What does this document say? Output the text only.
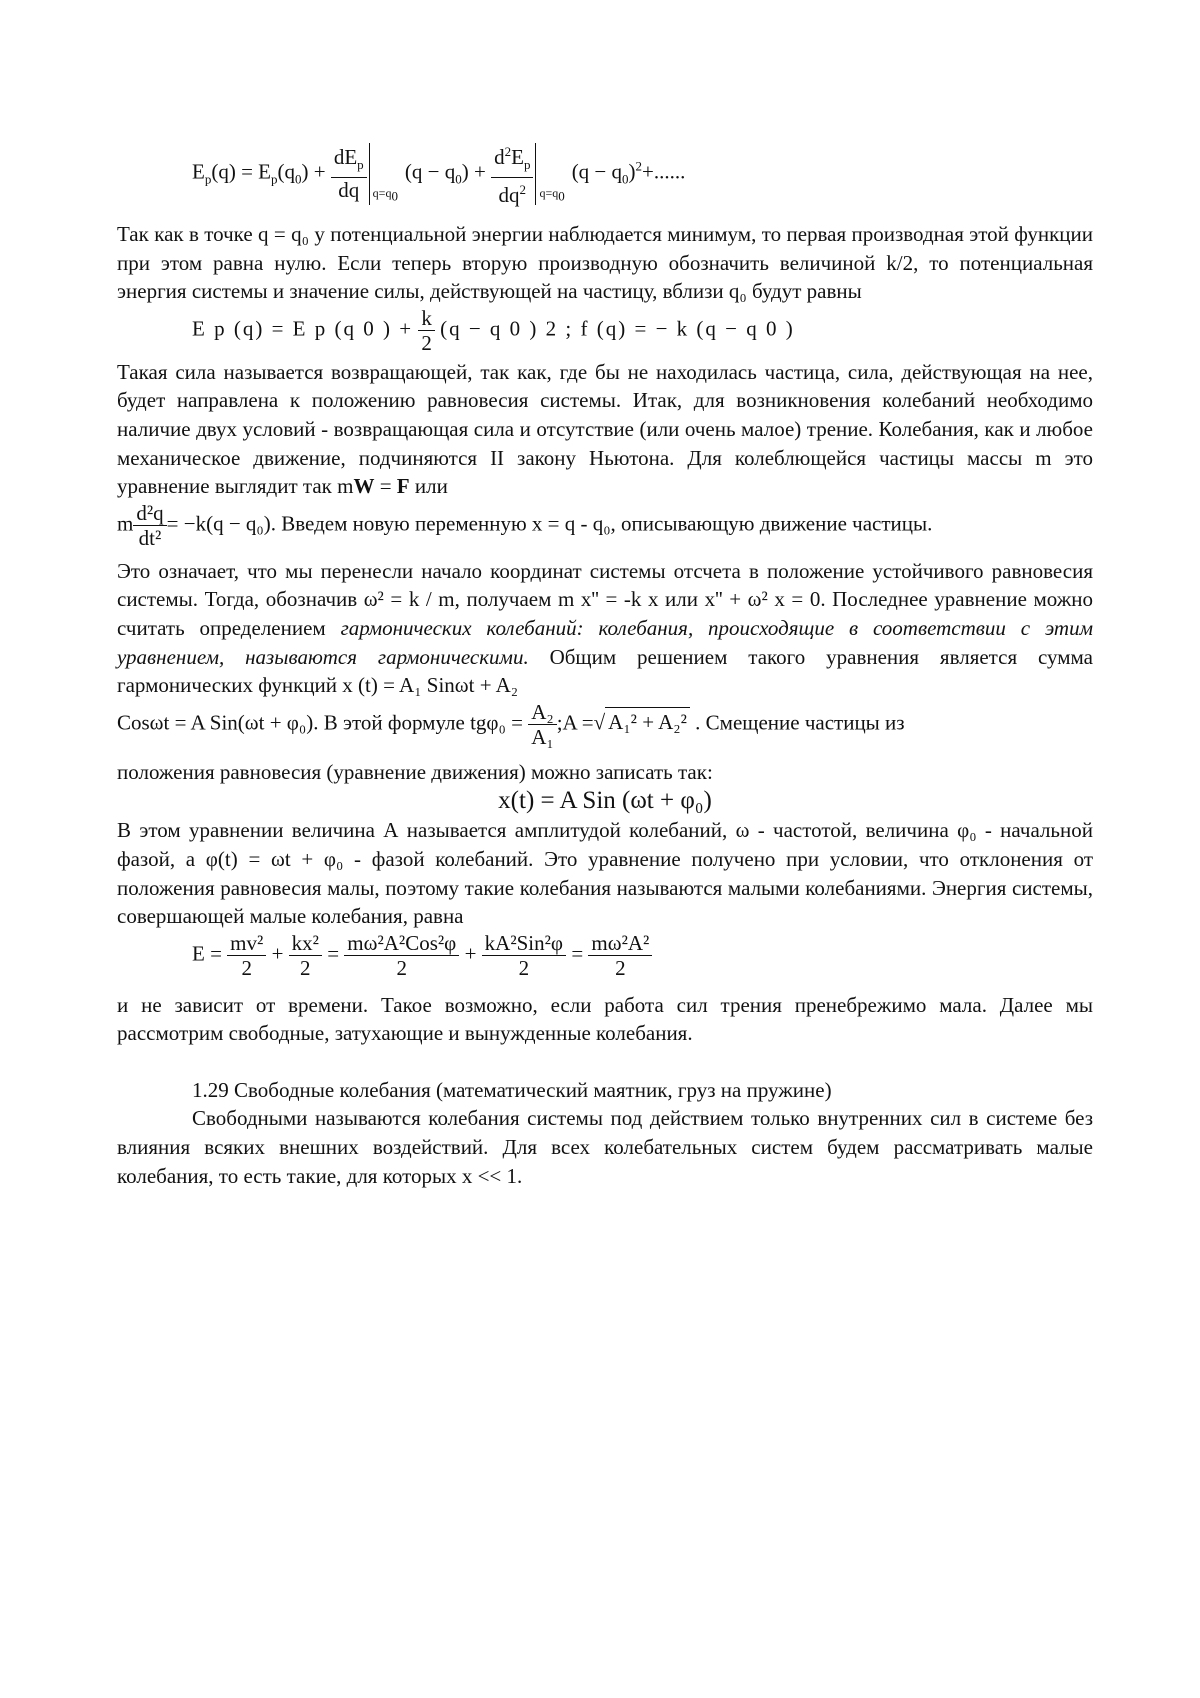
$E_p(q) = E_p(q_0) + \frac{dE_p}{dq} q=q_0$
$(q - q_0) + \frac{d^2E_p}{dq^2} q=q_0$
$(q - q_0)^2+$......

Так как в точке q = q₀ у потенциальной энергии наблюдается минимум, то первая производная этой функции при этом равна нулю. Если теперь вторую производную обозначить величиной k/2, то потенциальная энергия системы и значение силы, действующей на частицу, вблизи q₀ будут равны

E p (q) = E p (q 0 ) + $\frac{k}{2} (q - q$ 0 ) 2 ; f (q) = − k (q − q 0 )

Такая сила называется возвращающей, так как, где бы не находилась частица, сила, действующая на нее, будет направлена к положению равновесия системы. Итак, для возникновения колебаний необходимо наличие двух условий - возвращающая сила и отсутствие (или очень малое) трение. Колебания, как и любое механическое движение, подчиняются II закону Ньютона. Для колеблющейся частицы массы m это уравнение выглядит так mW = F или

m $\frac{\text{d²q}}{\text{dt²}} = -k(q - q_0)$. Введем новую переменную x = q - q₀, описывающую движение частицы.

Это означает, что мы перенесли начало координат системы отсчета в положение устойчивого равновесия системы. Тогда, обозначив ω² = k / m, получаем m x'' = -k x или x'' + ω² x = 0. Последнее уравнение можно считать определением гармонических колебаний: колебания, происходящие в соответствии с этим уравнением, называются гармоническими. Общим решением такого уравнения является сумма гармонических функций x (t) = A₁ Sinωt + A₂

Cosωt = A Sin(ωt + φ₀). В этой формуле $tg\varphi_0 = \frac{\text{A₂}}{\text{A₁}}$ ;A =√ A₁² + A₂² . Смещение частицы из

положения равновесия (уравнение движения) можно записать так:

x(t) = A Sin (ωt + φ₀)

В этом уравнении величина А называется амплитудой колебаний, ω - частотой, величина φ₀ - начальной фазой, а φ(t) = ωt + φ₀ - фазой колебаний. Это уравнение получено при условии, что отклонения от положения равновесия малы, поэтому такие колебания называются малыми колебаниями. Энергия системы, совершающей малые колебания, равна

$E = \frac{\text{mv²}}{2} + \frac{\text{kx²}}{2} = \frac{\text{mω²A²Cos²φ}}{2} + \frac{\text{kA²Sin²φ}}{2} = \frac{\text{mω²A²}}{2}$

и не зависит от времени. Такое возможно, если работа сил трения пренебрежимо мала. Далее мы рассмотрим свободные, затухающие и вынужденные колебания.

1.29 Свободные колебания (математический маятник, груз на пружине)

Свободными называются колебания системы под действием только внутренних сил в системе без влияния всяких внешних воздействий. Для всех колебательных систем будем рассматривать малые колебания, то есть такие, для которых x << 1.
